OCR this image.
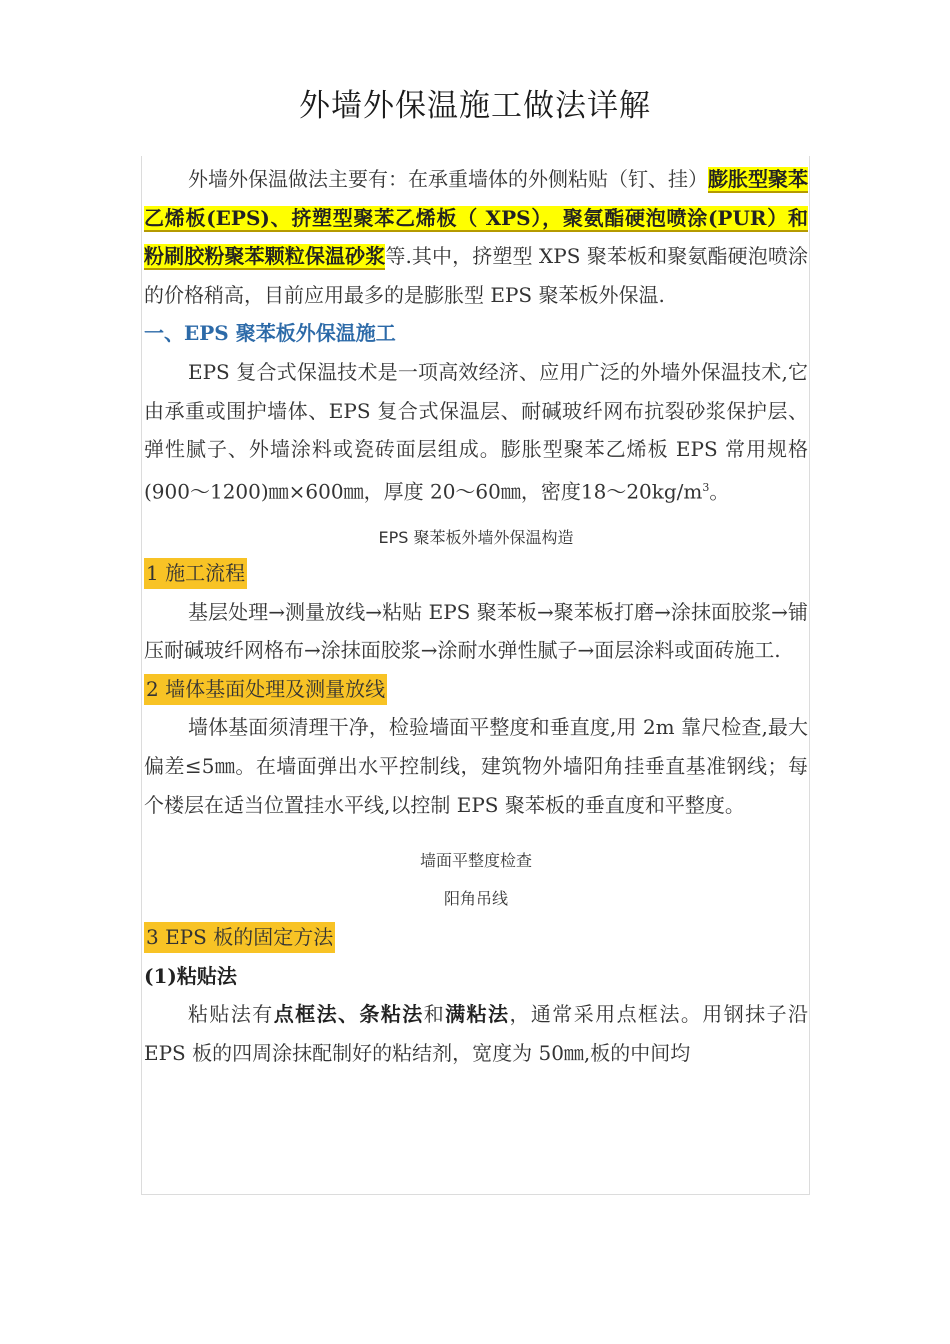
外墙外保温施工做法详解

外墙外保温做法主要有：在承重墙体的外侧粘贴（钉、挂）膨胀型聚苯乙烯板(EPS)、挤塑型聚苯乙烯板（ XPS），聚氨酯硬泡喷涂(PUR）和粉刷胶粉聚苯颗粒保温砂浆等.其中，挤塑型 XPS 聚苯板和聚氨酯硬泡喷涂的价格稍高，目前应用最多的是膨胀型 EPS 聚苯板外保温.

一、EPS 聚苯板外保温施工

EPS 复合式保温技术是一项高效经济、应用广泛的外墙外保温技术,它由承重或围护墙体、EPS 复合式保温层、耐碱玻纤网布抗裂砂浆保护层、弹性腻子、外墙涂料或瓷砖面层组成。膨胀型聚苯乙烯板 EPS 常用规格(900～1200)㎜×600㎜，厚度 20～60㎜，密度$18\sim 20kg/m^3$。

EPS 聚苯板外墙外保温构造

1 施工流程

基层处理→测量放线→粘贴 EPS 聚苯板→聚苯板打磨→涂抹面胶浆→铺压耐碱玻纤网格布→涂抹面胶浆→涂耐水弹性腻子→面层涂料或面砖施工.

2 墙体基面处理及测量放线

墙体基面须清理干净，检验墙面平整度和垂直度,用 2m 靠尺检查,最大偏差≤5㎜。在墙面弹出水平控制线，建筑物外墙阳角挂垂直基准钢线；每个楼层在适当位置挂水平线,以控制 EPS 聚苯板的垂直度和平整度。

墙面平整度检查

阳角吊线

3 EPS 板的固定方法

(1)粘贴法

粘贴法有点框法、条粘法和满粘法，通常采用点框法。用钢抹子沿 EPS 板的四周涂抹配制好的粘结剂，宽度为 50㎜,板的中间均
